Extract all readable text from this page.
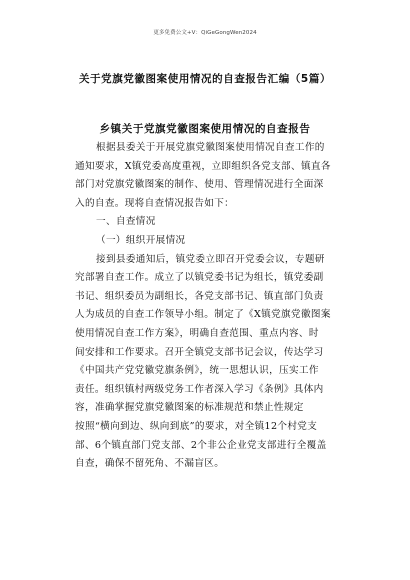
更多免费公文+V：QiGeGongWen2024
关于党旗党徽图案使用情况的自查报告汇编（5篇）
乡镇关于党旗党徽图案使用情况的自查报告

根据县委关于开展党旗党徽图案使用情况自查工作的
通知要求，X镇党委高度重视，立即组织各党支部、镇直各
部门对党旗党徽图案的制作、使用、管理情况进行全面深
入的自查。现将自查情况报告如下：

一、自查情况

（一）组织开展情况

接到县委通知后，镇党委立即召开党委会议，专题研
究部署自查工作。成立了以镇党委书记为组长，镇党委副
书记、组织委员为副组长，各党支部书记、镇直部门负责
人为成员的自查工作领导小组。制定了《X镇党旗党徽图案
使用情况自查工作方案》，明确自查范围、重点内容、时
间安排和工作要求。召开全镇党支部书记会议，传达学习
《中国共产党党徽党旗条例》，统一思想认识，压实工作
责任。组织镇村两级党务工作者深入学习《条例》具体内
容，准确掌握党旗党徽图案的标准规范和禁止性规定
按照“横向到边、纵向到底”的要求，对全镇12个村党支
部、6个镇直部门党支部、2个非公企业党支部进行全覆盖
自查，确保不留死角、不漏盲区。
